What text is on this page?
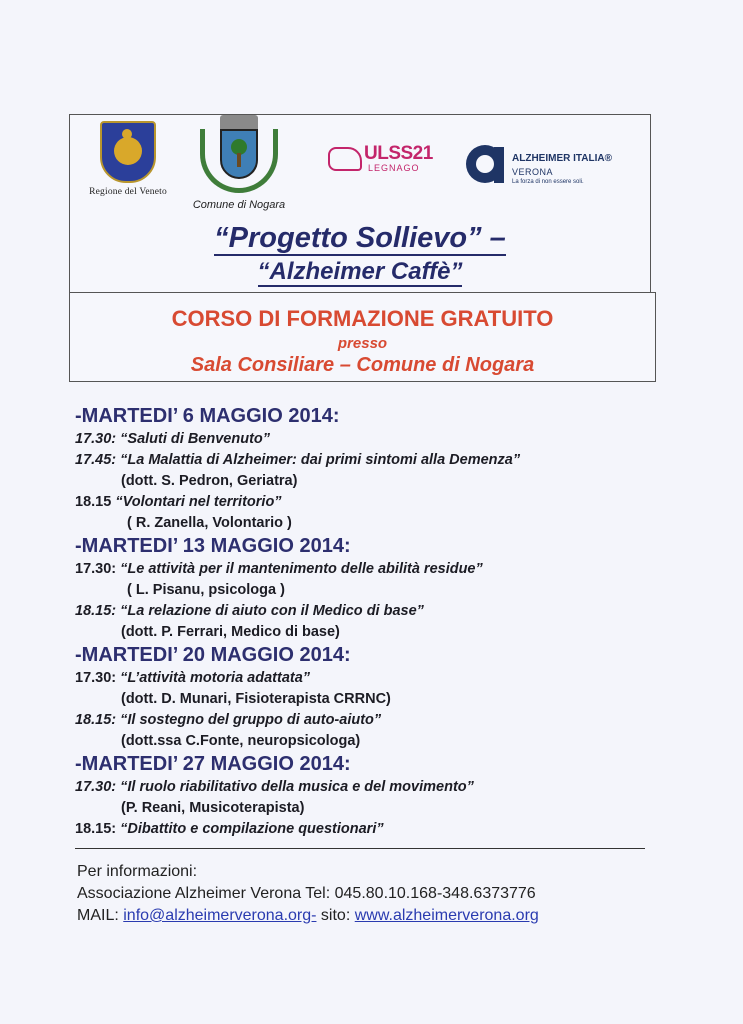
Regione del Veneto
Comune di Nogara
ULSS21
LEGNAGO
ALZHEIMER ITALIA®
VERONA
La forza di non essere soli.
“Progetto Sollievo” –
“Alzheimer Caffè”
CORSO DI FORMAZIONE GRATUITO
presso
Sala Consiliare – Comune di Nogara
-MARTEDI’ 6 MAGGIO 2014:
17.30: “Saluti di Benvenuto”
17.45: “La Malattia di Alzheimer: dai primi sintomi alla Demenza”
(dott. S. Pedron, Geriatra)
18.15 “Volontari nel territorio”
( R. Zanella, Volontario )
-MARTEDI’ 13 MAGGIO 2014:
17.30: “Le attività per il mantenimento delle abilità residue”
( L. Pisanu, psicologa )
18.15: “La relazione di aiuto con il Medico di base”
(dott. P. Ferrari, Medico di base)
-MARTEDI’ 20 MAGGIO 2014:
17.30: “L’attività motoria adattata”
(dott. D. Munari, Fisioterapista CRRNC)
18.15: “Il sostegno del gruppo di auto-aiuto”
(dott.ssa C.Fonte, neuropsicologa)
-MARTEDI’ 27 MAGGIO 2014:
17.30: “Il ruolo riabilitativo della musica e del movimento”
(P. Reani, Musicoterapista)
18.15: “Dibattito e compilazione questionari”
Per informazioni:
Associazione Alzheimer Verona Tel: 045.80.10.168-348.6373776
MAIL: info@alzheimerverona.org- sito: www.alzheimerverona.org
